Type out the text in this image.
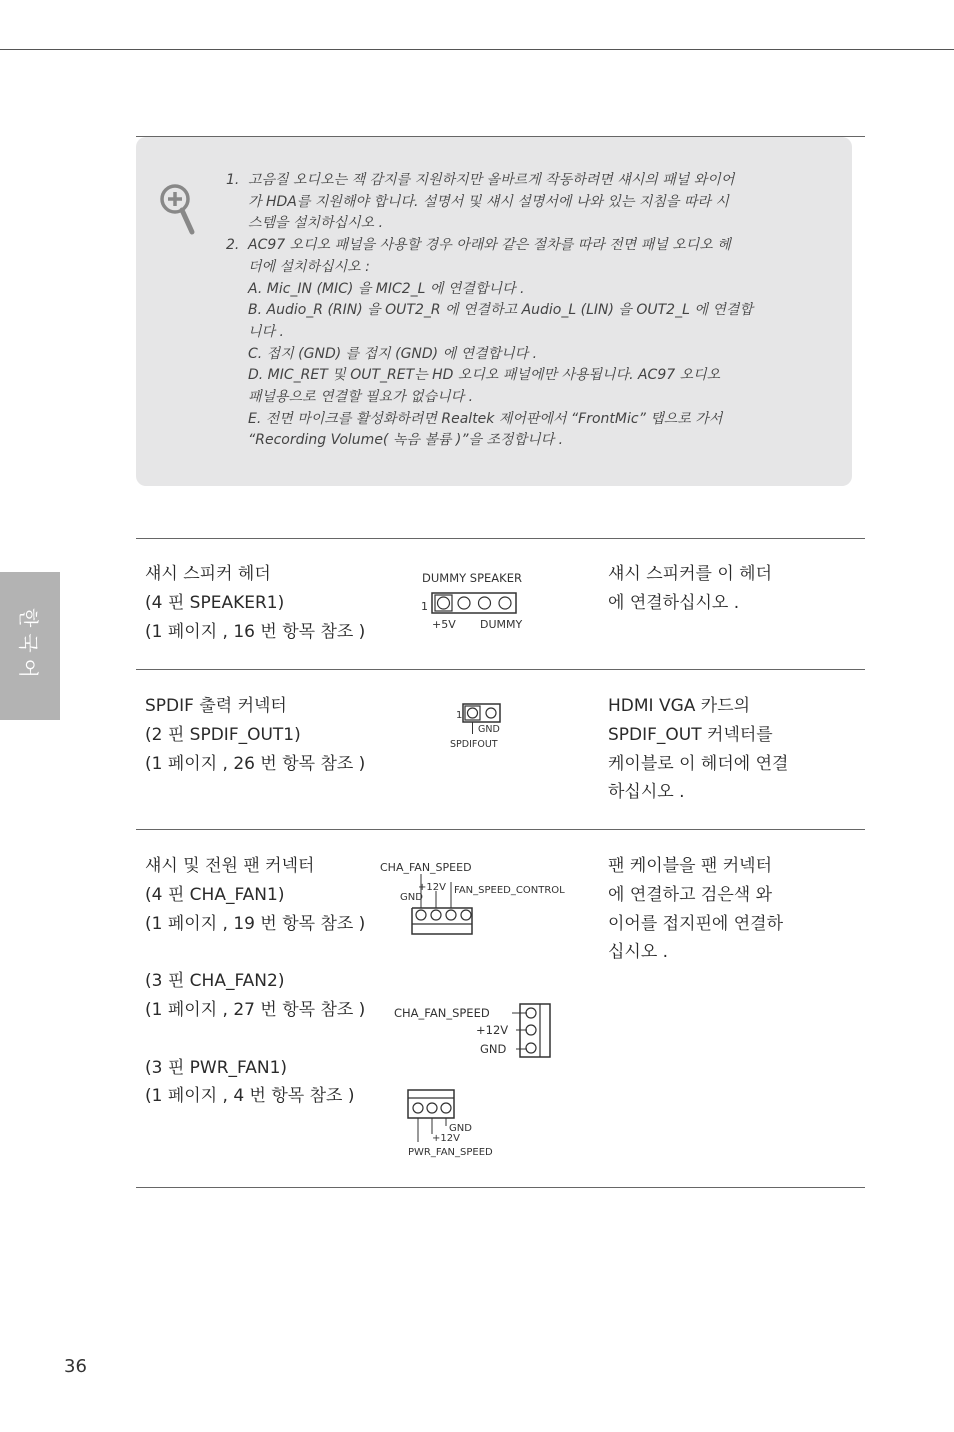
한국어
1. 고음질 오디오는 잭 감지를 지원하지만 올바르게 작동하려면 섀시의 패널 와이어
가 HDA를 지원해야 합니다. 설명서 및 섀시 설명서에 나와 있는 지침을 따라 시
스템을 설치하십시오 .
2. AC97 오디오 패널을 사용할 경우 아래와 같은 절차를 따라 전면 패널 오디오 헤
더에 설치하십시오 :
A. Mic_IN (MIC) 을 MIC2_L 에 연결합니다 .
B. Audio_R (RIN) 을 OUT2_R 에 연결하고 Audio_L (LIN) 을 OUT2_L 에 연결합
니다 .
C. 접지 (GND) 를 접지 (GND) 에 연결합니다 .
D. MIC_RET 및 OUT_RET는 HD 오디오 패널에만 사용됩니다. AC97 오디오
패널용으로 연결할 필요가 없습니다 .
E. 전면 마이크를 활성화하려면 Realtek 제어판에서 “FrontMic” 탭으로 가서
“Recording Volume( 녹음 볼륨 )”을 조정합니다 .
섀시 스피커 헤더
(4 핀 SPEAKER1)
(1 페이지 , 16 번 항목 참조 )
DUMMY SPEAKER
1
+5V DUMMY
섀시 스피커를 이 헤더
에 연결하십시오 .
SPDIF 출력 커넥터
(2 핀 SPDIF_OUT1)
(1 페이지 , 26 번 항목 참조 )
1
GND
SPDIFOUT
HDMI VGA 카드의
SPDIF_OUT 커넥터를
케이블로 이 헤더에 연결
하십시오 .
섀시 및 전원 팬 커넥터
(4 핀 CHA_FAN1)
(1 페이지 , 19 번 항목 참조 )
(3 핀 CHA_FAN2)
(1 페이지 , 27 번 항목 참조 )
(3 핀 PWR_FAN1)
(1 페이지 , 4 번 항목 참조 )
CHA_FAN_SPEED
GND
+12V FAN_SPEED_CONTROL
CHA_FAN_SPEED
+12V
GND
GND
+12V
PWR_FAN_SPEED
팬 케이블을 팬 커넥터
에 연결하고 검은색 와
이어를 접지핀에 연결하
십시오 .
36
